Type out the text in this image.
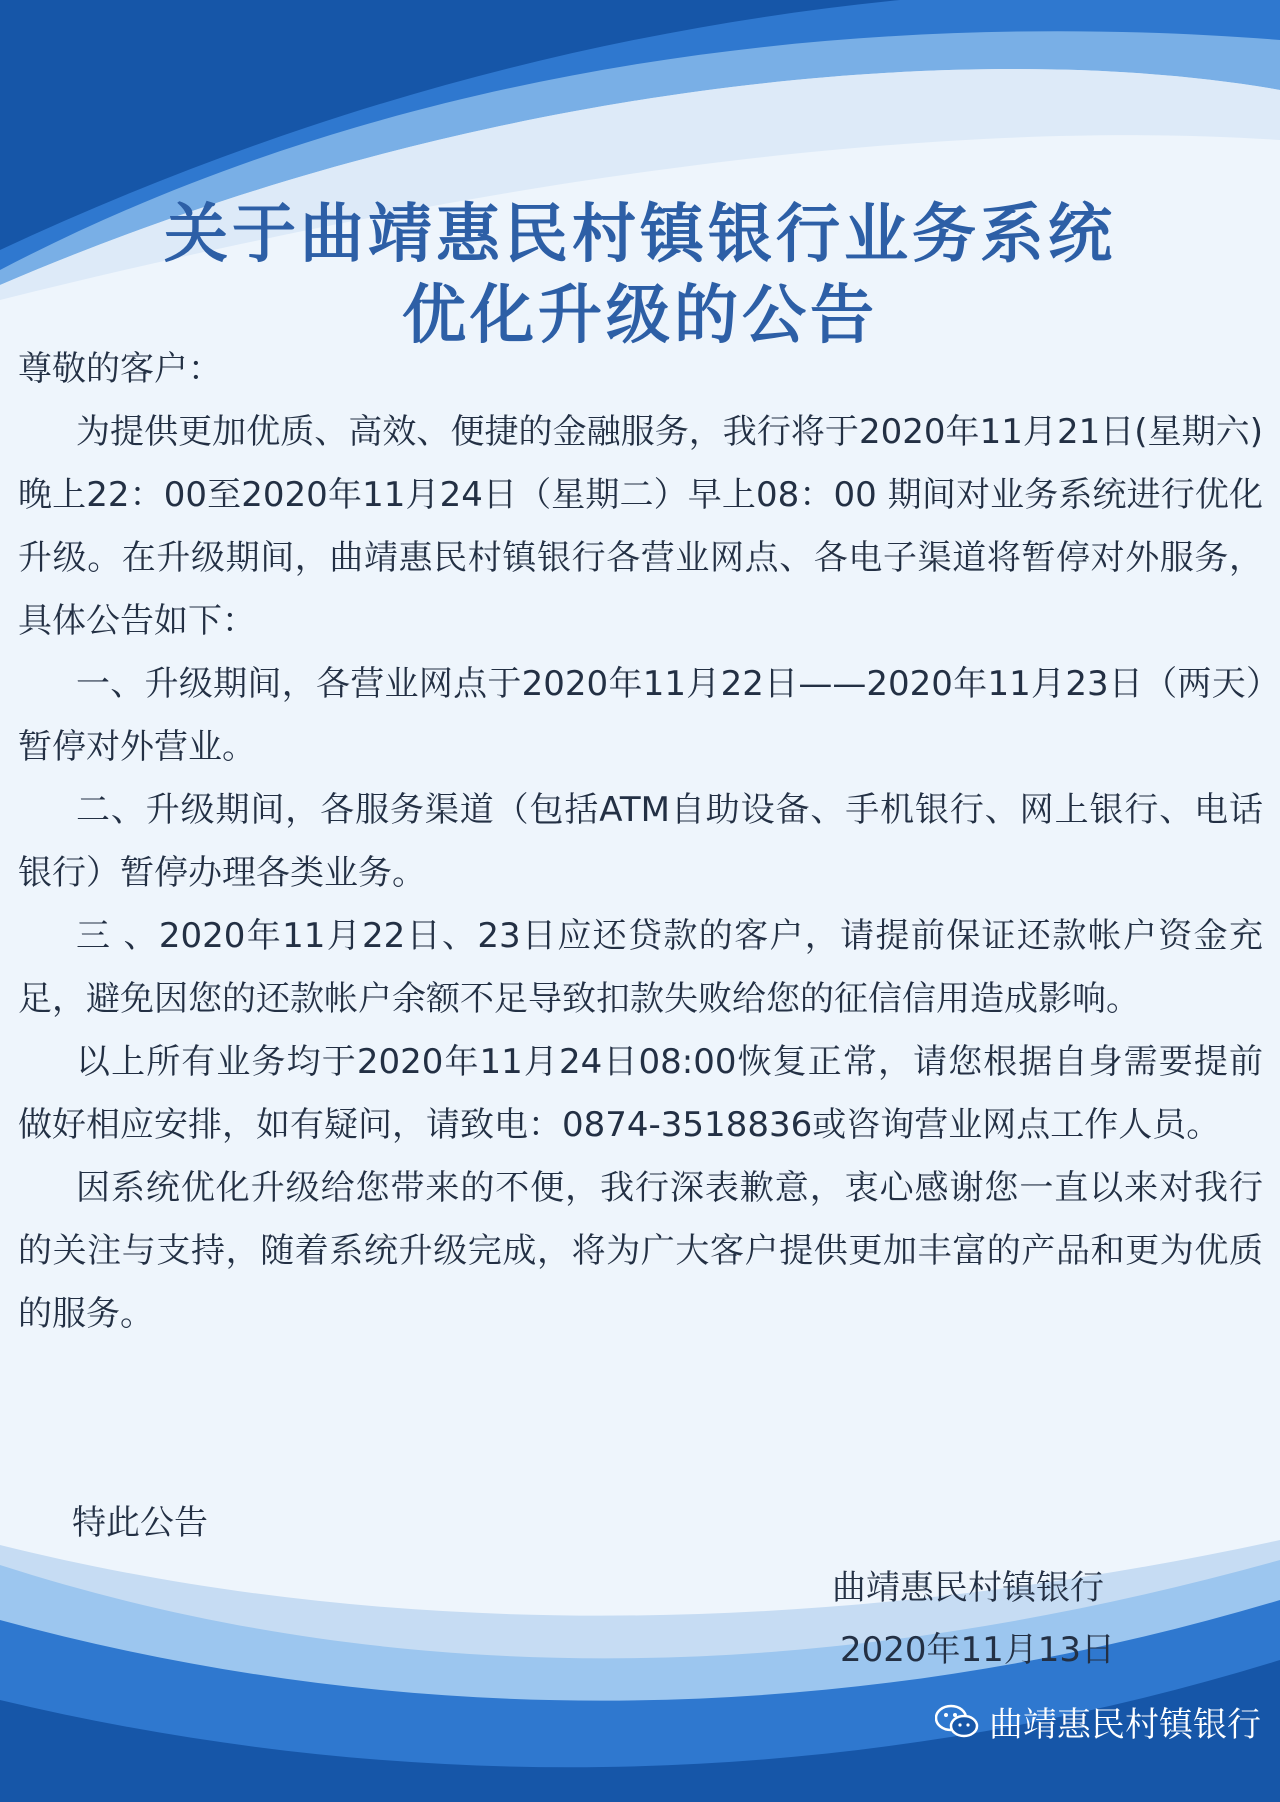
关于曲靖惠民村镇银行业务系统
优化升级的公告

尊敬的客户：

为提供更加优质、高效、便捷的金融服务，我行将于2020年11月21日(星期六)晚上22：00至2020年11月24日（星期二）早上08：00 期间对业务系统进行优化升级。在升级期间，曲靖惠民村镇银行各营业网点、各电子渠道将暂停对外服务，具体公告如下：

一、升级期间，各营业网点于2020年11月22日——2020年11月23日（两天）暂停对外营业。

二、升级期间，各服务渠道（包括ATM自助设备、手机银行、网上银行、电话银行）暂停办理各类业务。

三 、2020年11月22日、23日应还贷款的客户，请提前保证还款帐户资金充足，避免因您的还款帐户余额不足导致扣款失败给您的征信信用造成影响。

以上所有业务均于2020年11月24日08:00恢复正常，请您根据自身需要提前做好相应安排，如有疑问，请致电：0874-3518836或咨询营业网点工作人员。

因系统优化升级给您带来的不便，我行深表歉意，衷心感谢您一直以来对我行的关注与支持，随着系统升级完成，将为广大客户提供更加丰富的产品和更为优质的服务。

特此公告
曲靖惠民村镇银行
2020年11月13日
曲靖惠民村镇银行
